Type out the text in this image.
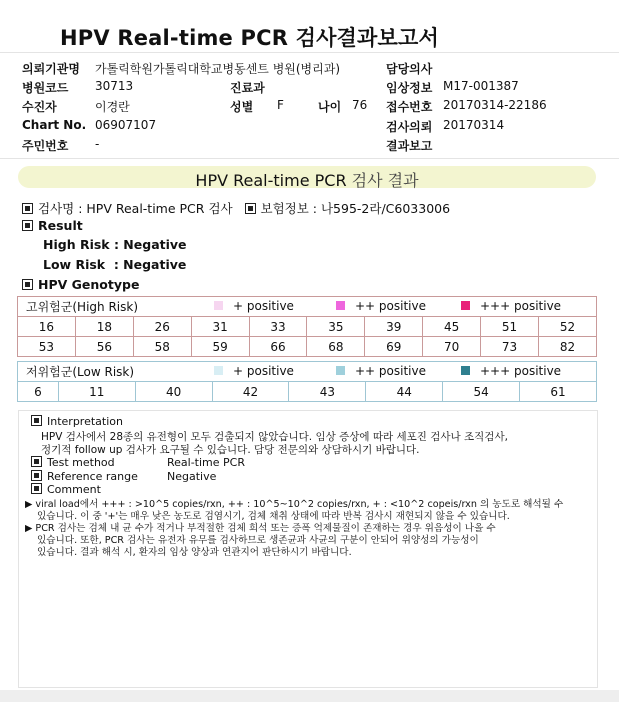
HPV Real-time PCR 검사결과보고서
의뢰기관명 가톨릭학원가톨릭대학교병동센트 병원(병리과)
병원코드 30713
수진자	이경란
Chart No. 06907107
주민번호 -
진료과
성별 F	나이 76
담당의사
임상정보 M17-001387
접수번호 20170314-22186
검사의뢰 20170314
결과보고
HPV Real-time PCR 검사 결과
검사명 : HPV Real-time PCR 검사 보험정보 : 나595-2라/C6033006
Result
High Risk : Negative
Low Risk  : Negative
HPV Genotype
고위험군(High Risk) + positive ++ positive +++ positive									

16	18	26	31	33	35	39	45	51	52
53	56	58	59	66	68	69	70	73	82
저위험군(Low Risk)	+ positive	++ positive	+++ positive

6	11	40	42	43	44	54	61
Interpretation
HPV 검사에서 28종의 유전형이 모두 검출되지 않았습니다. 임상 증상에 따라 세포진 검사나 조직검사,
정기적 follow up 검사가 요구될 수 있습니다. 담당 전문의와 상담하시기 바랍니다.
Test method	Real-time PCR
Reference range	Negative
Comment
▶ viral load에서 +++ : >10^5 copies/rxn, ++ : 10^5~10^2 copies/rxn, + : <10^2 copeis/rxn 의 농도로 해석될 수
있습니다. 이 중 '+'는 매우 낮은 농도로 검염시기, 검체 채취 상태에 따라 반복 검사시 재현되지 않을 수 있습니다.
▶ PCR 검사는 검체 내 균 수가 적거나 부적절한 검체 희석 또는 증폭 억제물질이 존재하는 경우 위음성이 나올 수
있습니다. 또한, PCR 검사는 유전자 유무를 검사하므로 생존균과 사균의 구분이 안되어 위양성의 가능성이
있습니다. 결과 해석 시, 환자의 임상 양상과 연관지어 판단하시기 바랍니다.
